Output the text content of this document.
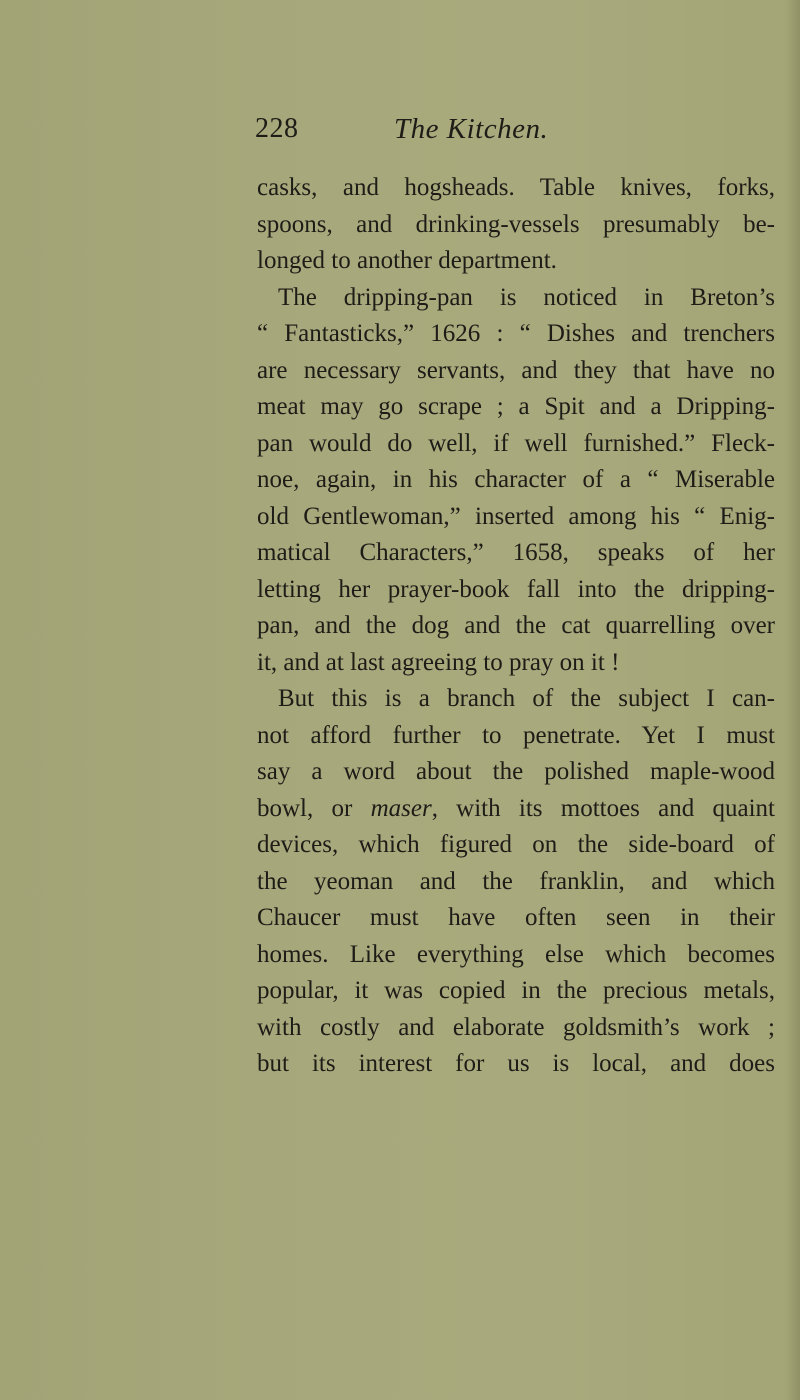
228	The Kitchen.
casks, and hogsheads. Table knives, forks,
spoons, and drinking-vessels presumably be-
longed to another department.
The dripping-pan is noticed in Breton’s
“ Fantasticks,” 1626 : “ Dishes and trenchers
are necessary servants, and they that have no
meat may go scrape ; a Spit and a Dripping-
pan would do well, if well furnished.” Fleck-
noe, again, in his character of a “ Miserable
old Gentlewoman,” inserted among his “ Enig-
matical Characters,” 1658, speaks of her
letting her prayer-book fall into the dripping-
pan, and the dog and the cat quarrelling over
it, and at last agreeing to pray on it !
But this is a branch of the subject I can-
not afford further to penetrate. Yet I must
say a word about the polished maple-wood
bowl, or maser, with its mottoes and quaint
devices, which figured on the side-board of
the yeoman and the franklin, and which
Chaucer must have often seen in their
homes. Like everything else which becomes
popular, it was copied in the precious metals,
with costly and elaborate goldsmith’s work ;
but its interest for us is local, and does
